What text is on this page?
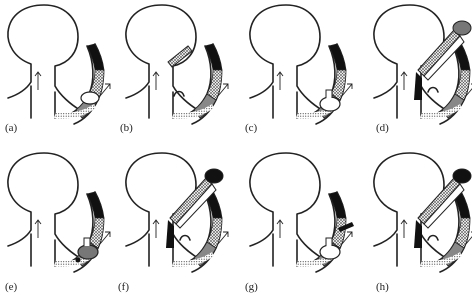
(a)	(b)	(c)	(d)
(e)	(f)	(g)	(h)
